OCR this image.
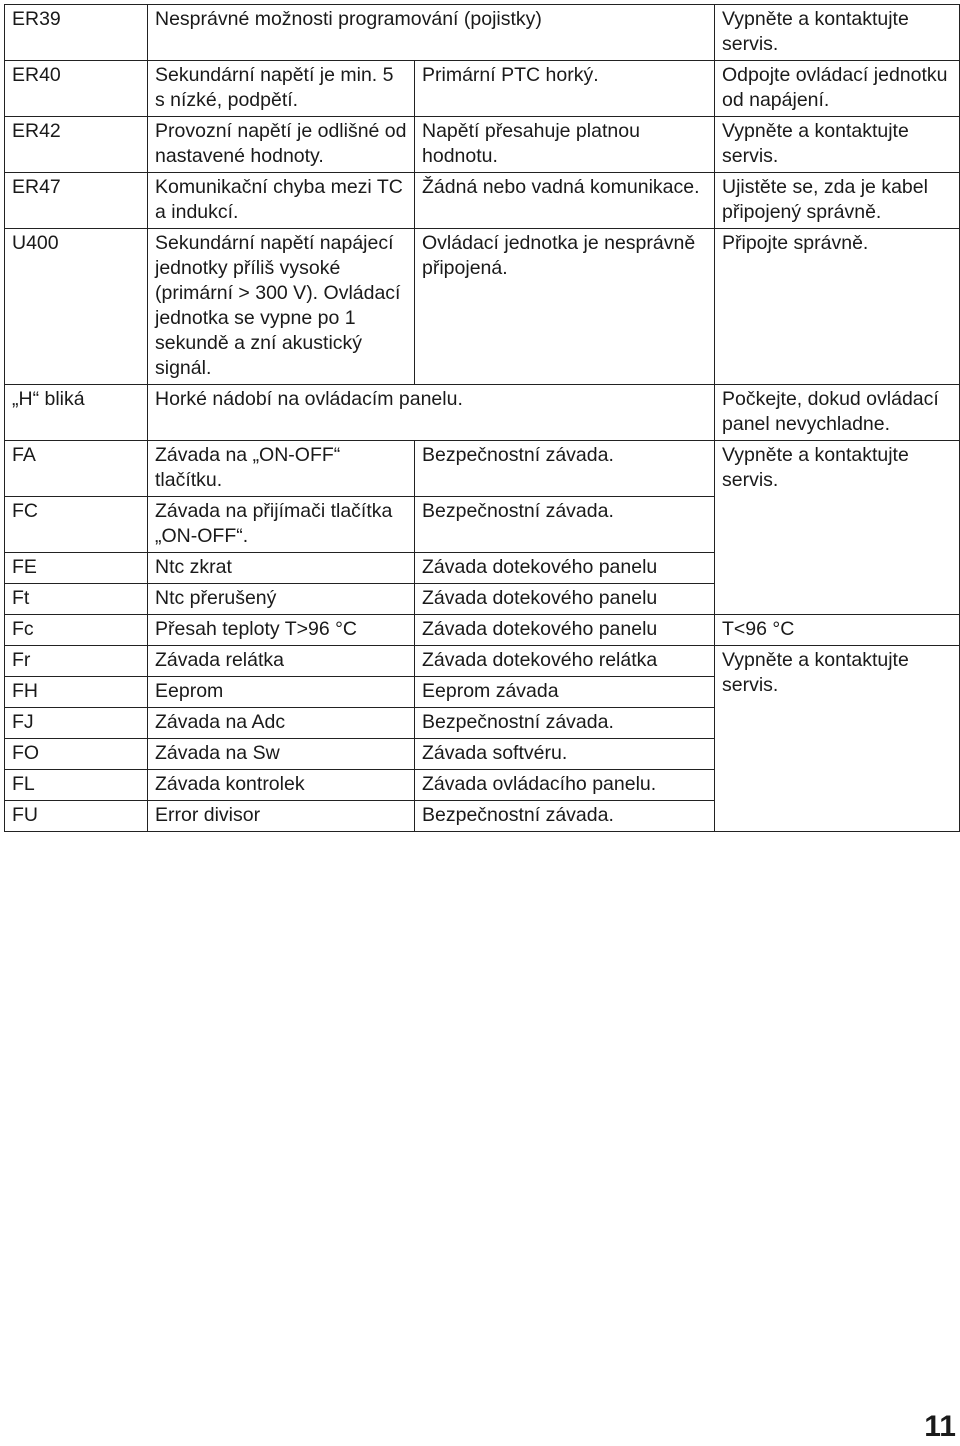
ER39	Nesprávné možnosti programování (pojistky)		Vypněte a kontaktujte servis.
ER40	Sekundární napětí je min. 5 s nízké, podpětí.	Primární PTC horký.	Odpojte ovládací jednotku od napájení.
ER42	Provozní napětí je odlišné od nastavené hodnoty.	Napětí přesahuje platnou hodnotu.	Vypněte a kontaktujte servis.
ER47	Komunikační chyba mezi TC a indukcí.	Žádná nebo vadná komunikace.	Ujistěte se, zda je kabel připojený správně.
U400	Sekundární napětí napájecí jednotky příliš vysoké (primární > 300 V). Ovládací jednotka se vypne po 1 sekundě a zní akustický signál.	Ovládací jednotka je nesprávně připojená.	Připojte správně.
„H“ bliká	Horké nádobí na ovládacím panelu.		Počkejte, dokud ovládací panel nevychladne.
FA	Závada na „ON-OFF“ tlačítku.	Bezpečnostní závada.	Vypněte a kontaktujte servis.
FC	Závada na přijímači tlačítka „ON-OFF“.	Bezpečnostní závada.	
FE	Ntc zkrat	Závada dotekového panelu	
Ft	Ntc přerušený	Závada dotekového panelu	
Fc	Přesah teploty T>96 °C	Závada dotekového panelu	T<96 °C
Fr	Závada relátka	Závada dotekového relátka	Vypněte a kontaktujte servis.
FH	Eeprom	Eeprom závada	
FJ	Závada na Adc	Bezpečnostní závada.	
FO	Závada na Sw	Závada softvéru.	
FL	Závada kontrolek	Závada ovládacího panelu.	
FU	Error divisor	Bezpečnostní závada.	
11
